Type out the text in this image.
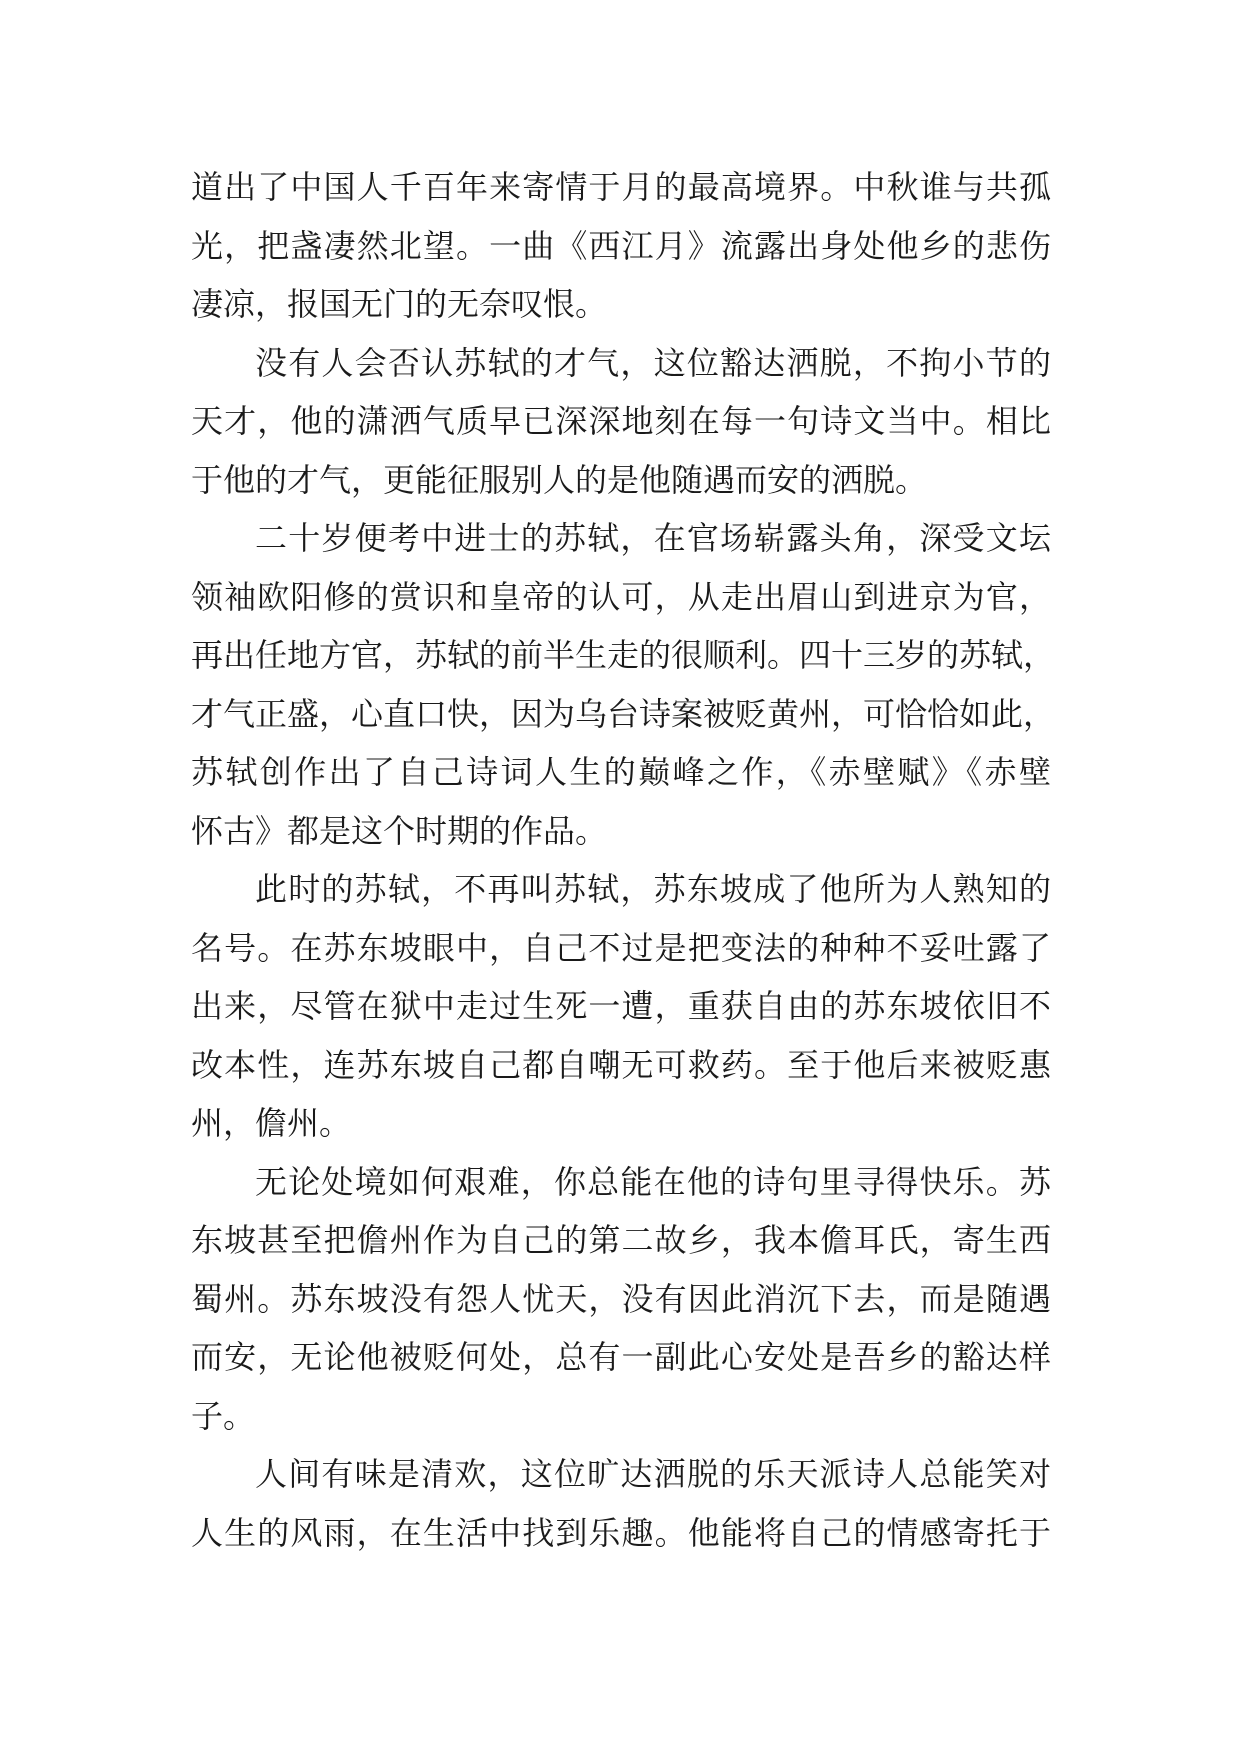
道出了中国人千百年来寄情于月的最高境界。中秋谁与共孤
光，把盏凄然北望。一曲《西江月》流露出身处他乡的悲伤
凄凉，报国无门的无奈叹恨。
没有人会否认苏轼的才气，这位豁达洒脱，不拘小节的
天才，他的潇洒气质早已深深地刻在每一句诗文当中。相比
于他的才气，更能征服别人的是他随遇而安的洒脱。
二十岁便考中进士的苏轼，在官场崭露头角，深受文坛
领袖欧阳修的赏识和皇帝的认可，从走出眉山到进京为官，
再出任地方官，苏轼的前半生走的很顺利。四十三岁的苏轼，
才气正盛，心直口快，因为乌台诗案被贬黄州，可恰恰如此，
苏轼创作出了自己诗词人生的巅峰之作，《赤壁赋》《赤壁
怀古》都是这个时期的作品。
此时的苏轼，不再叫苏轼，苏东坡成了他所为人熟知的
名号。在苏东坡眼中，自己不过是把变法的种种不妥吐露了
出来，尽管在狱中走过生死一遭，重获自由的苏东坡依旧不
改本性，连苏东坡自己都自嘲无可救药。至于他后来被贬惠
州，儋州。
无论处境如何艰难，你总能在他的诗句里寻得快乐。苏
东坡甚至把儋州作为自己的第二故乡，我本儋耳氏，寄生西
蜀州。苏东坡没有怨人忧天，没有因此消沉下去，而是随遇
而安，无论他被贬何处，总有一副此心安处是吾乡的豁达样
子。
人间有味是清欢，这位旷达洒脱的乐天派诗人总能笑对
人生的风雨，在生活中找到乐趣。他能将自己的情感寄托于
